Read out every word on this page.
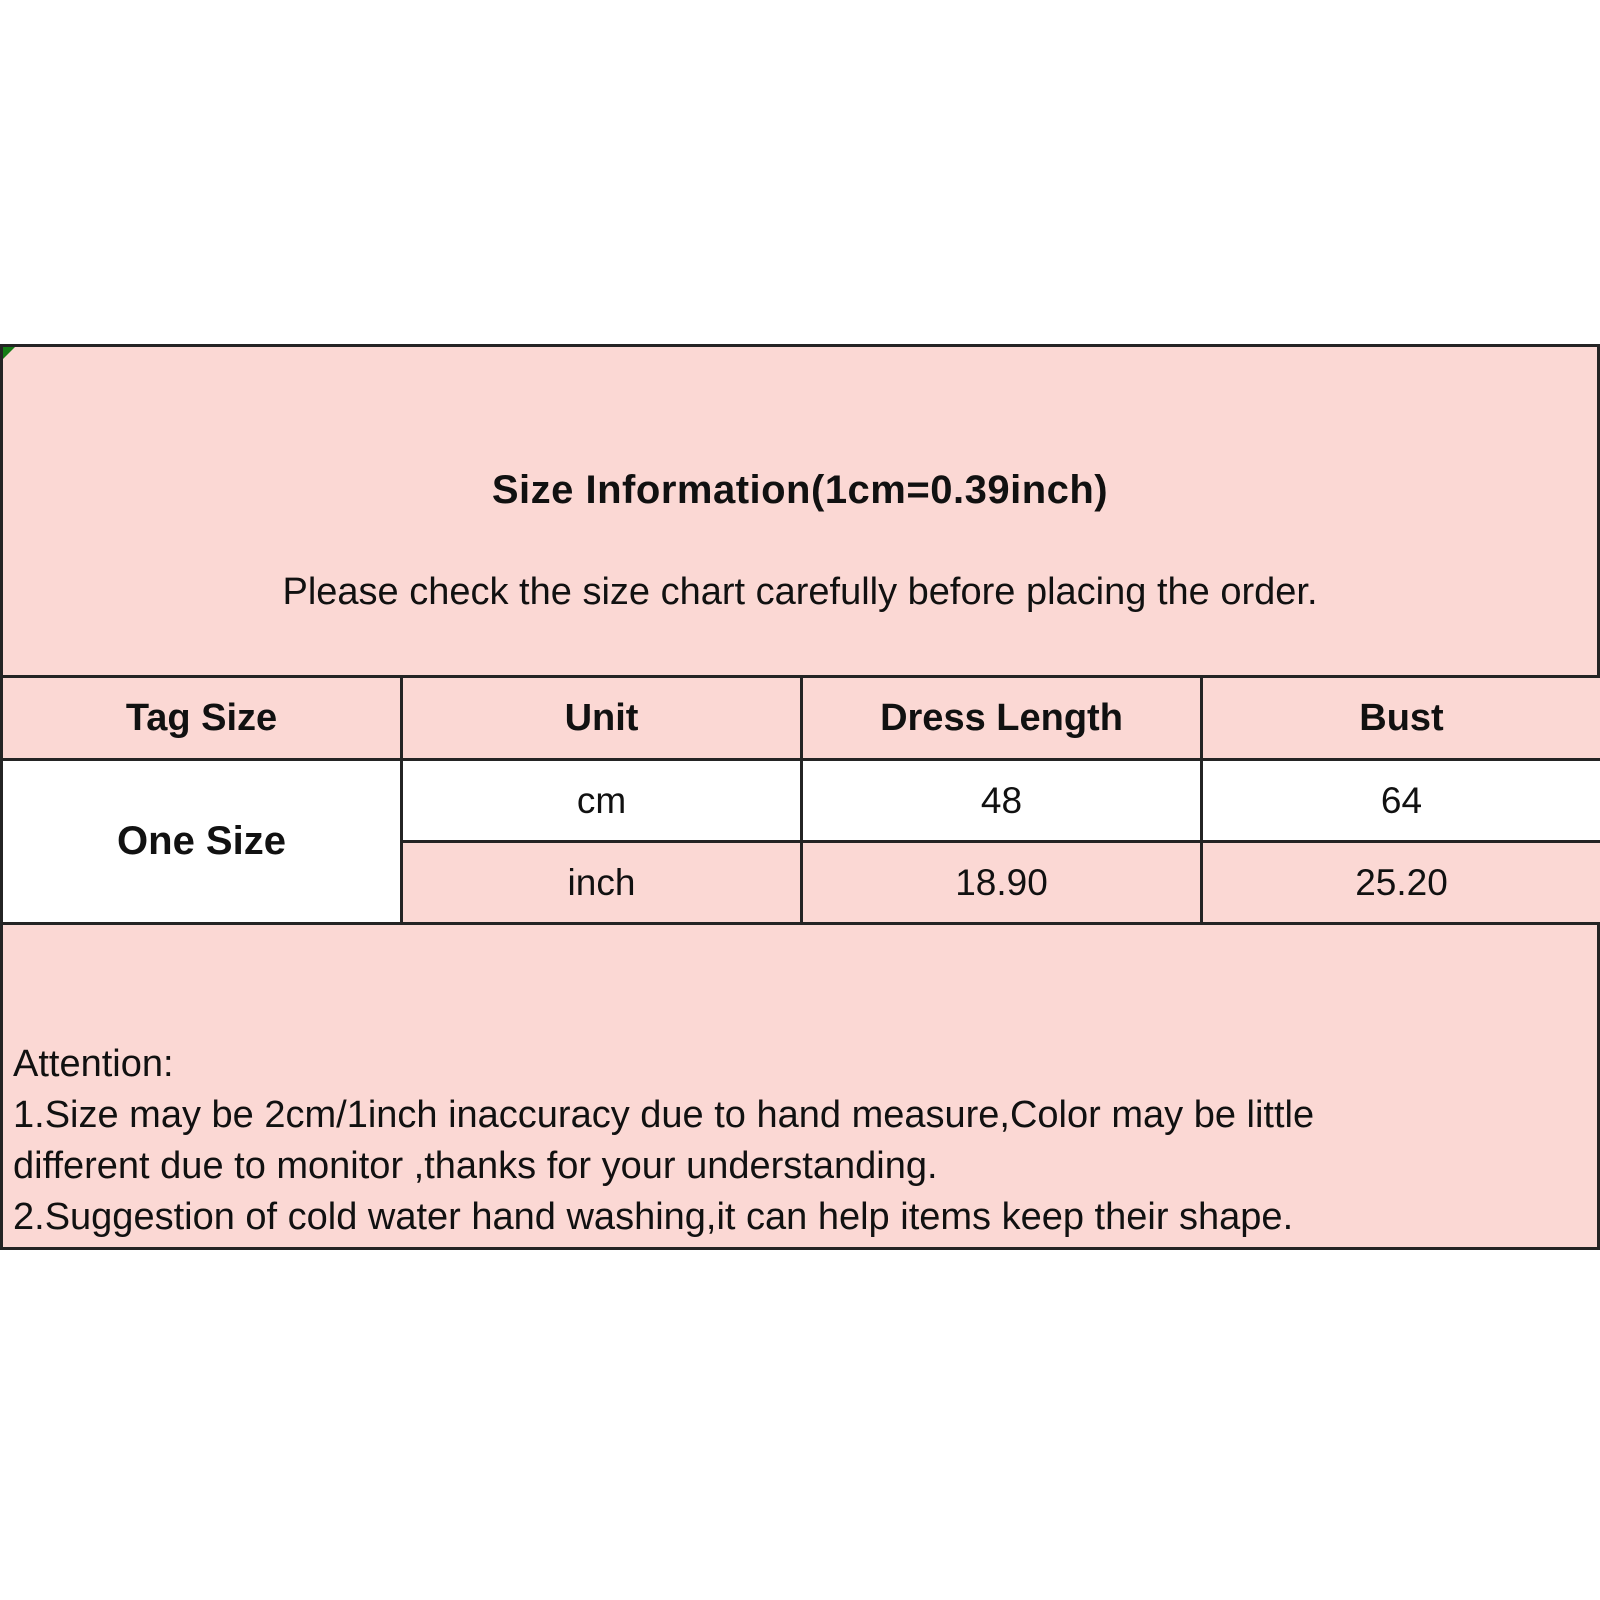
Size Information(1cm=0.39inch)
Please check the size chart carefully before placing the order.
Tag Size	Unit	Dress Length	Bust
One Size	cm	48	64
	inch	18.90	25.20
Attention:
1.Size may be 2cm/1inch inaccuracy due to hand measure,Color may be little
different due to monitor ,thanks for your understanding.
2.Suggestion of cold water hand washing,it can help items keep their shape.
